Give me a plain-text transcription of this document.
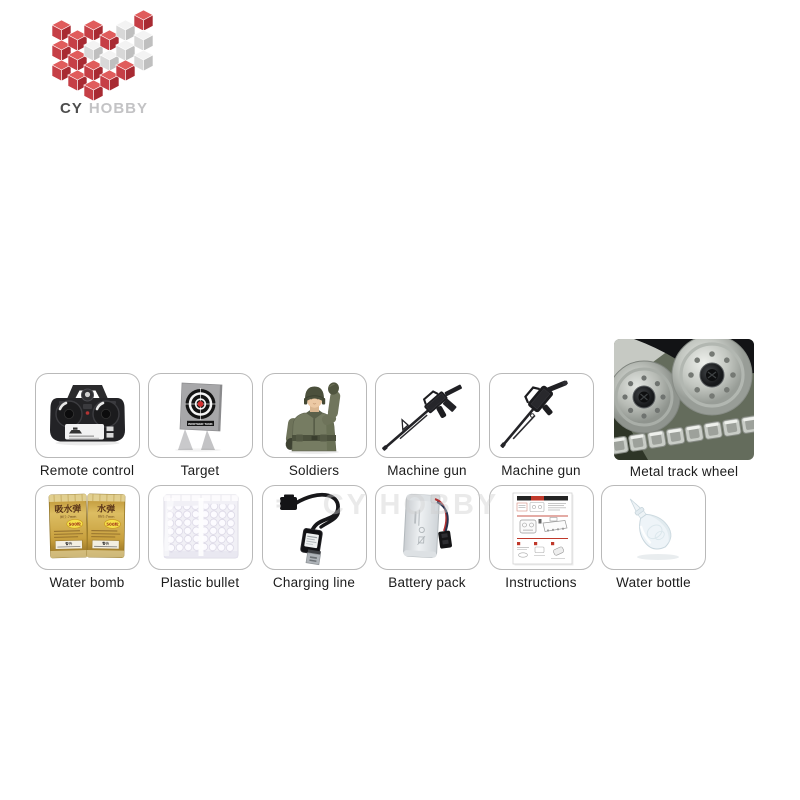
CY HOBBY
CY HOBBY
BROTHER TANK
Remote control	Target	Soldiers	Machine gun	Machine gun	Metal track wheel
吸水弹
弹径:7mm
500粒
警告
水弹
弹径:7mm
500粒
警告
Water bomb	Plastic bullet	Charging line	Battery pack	Instructions	Water bottle
